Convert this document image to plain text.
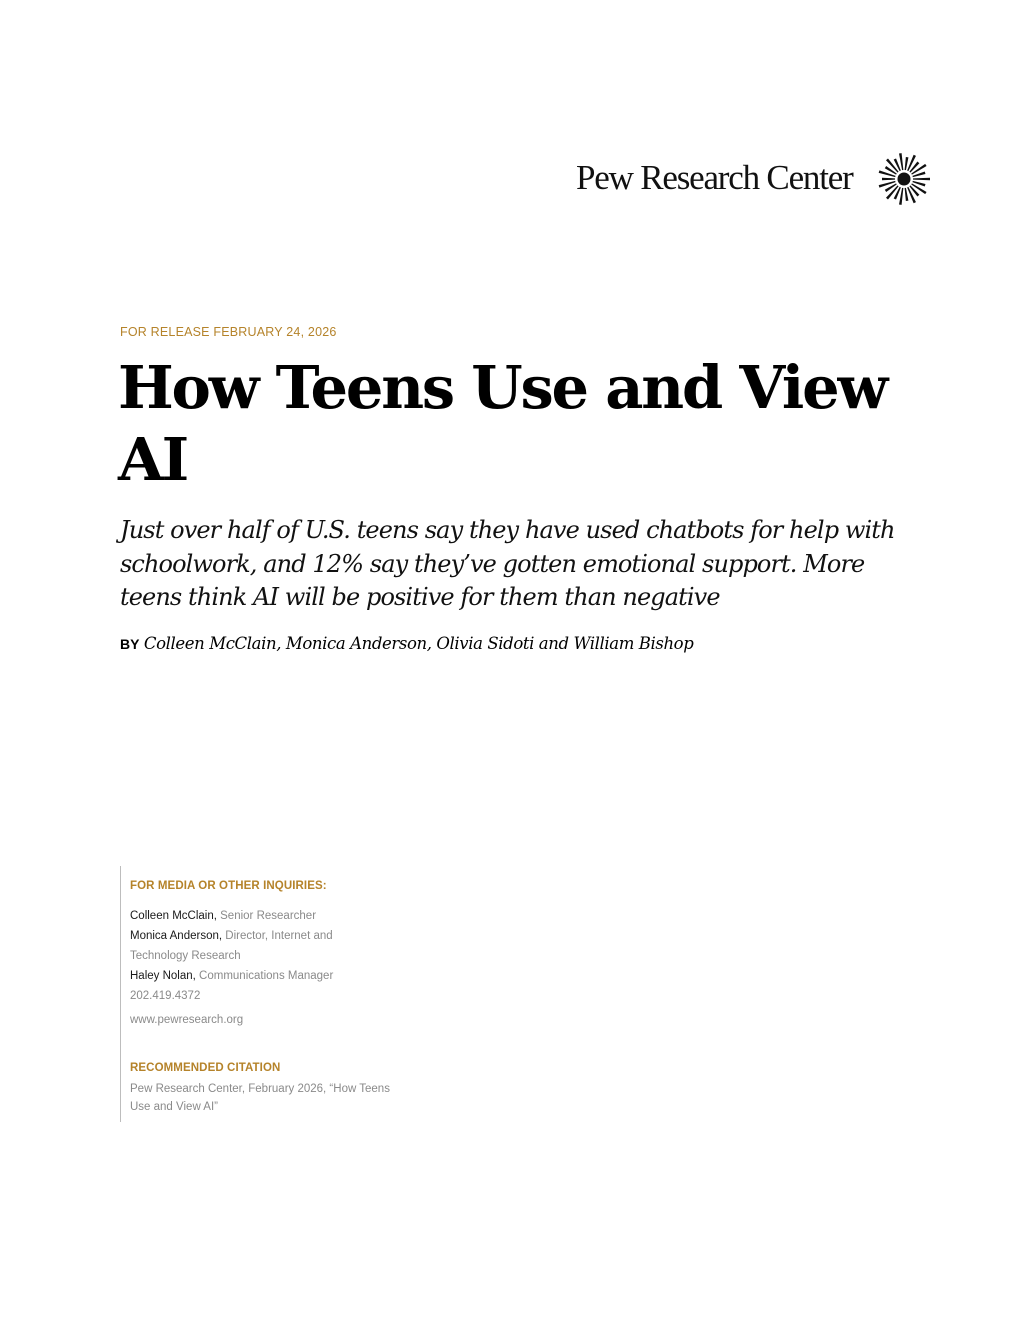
Pew Research Center
FOR RELEASE FEBRUARY 24, 2026
How Teens Use and View AI

Just over half of U.S. teens say they have used chatbots for help with schoolwork, and 12% say they’ve gotten emotional support. More teens think AI will be positive for them than negative

BY Colleen McClain, Monica Anderson, Olivia Sidoti and William Bishop
FOR MEDIA OR OTHER INQUIRIES:
Colleen McClain, Senior Researcher
Monica Anderson, Director, Internet and
Technology Research
Haley Nolan, Communications Manager
202.419.4372
www.pewresearch.org
RECOMMENDED CITATION
Pew Research Center, February 2026, “How Teens Use and View AI”
